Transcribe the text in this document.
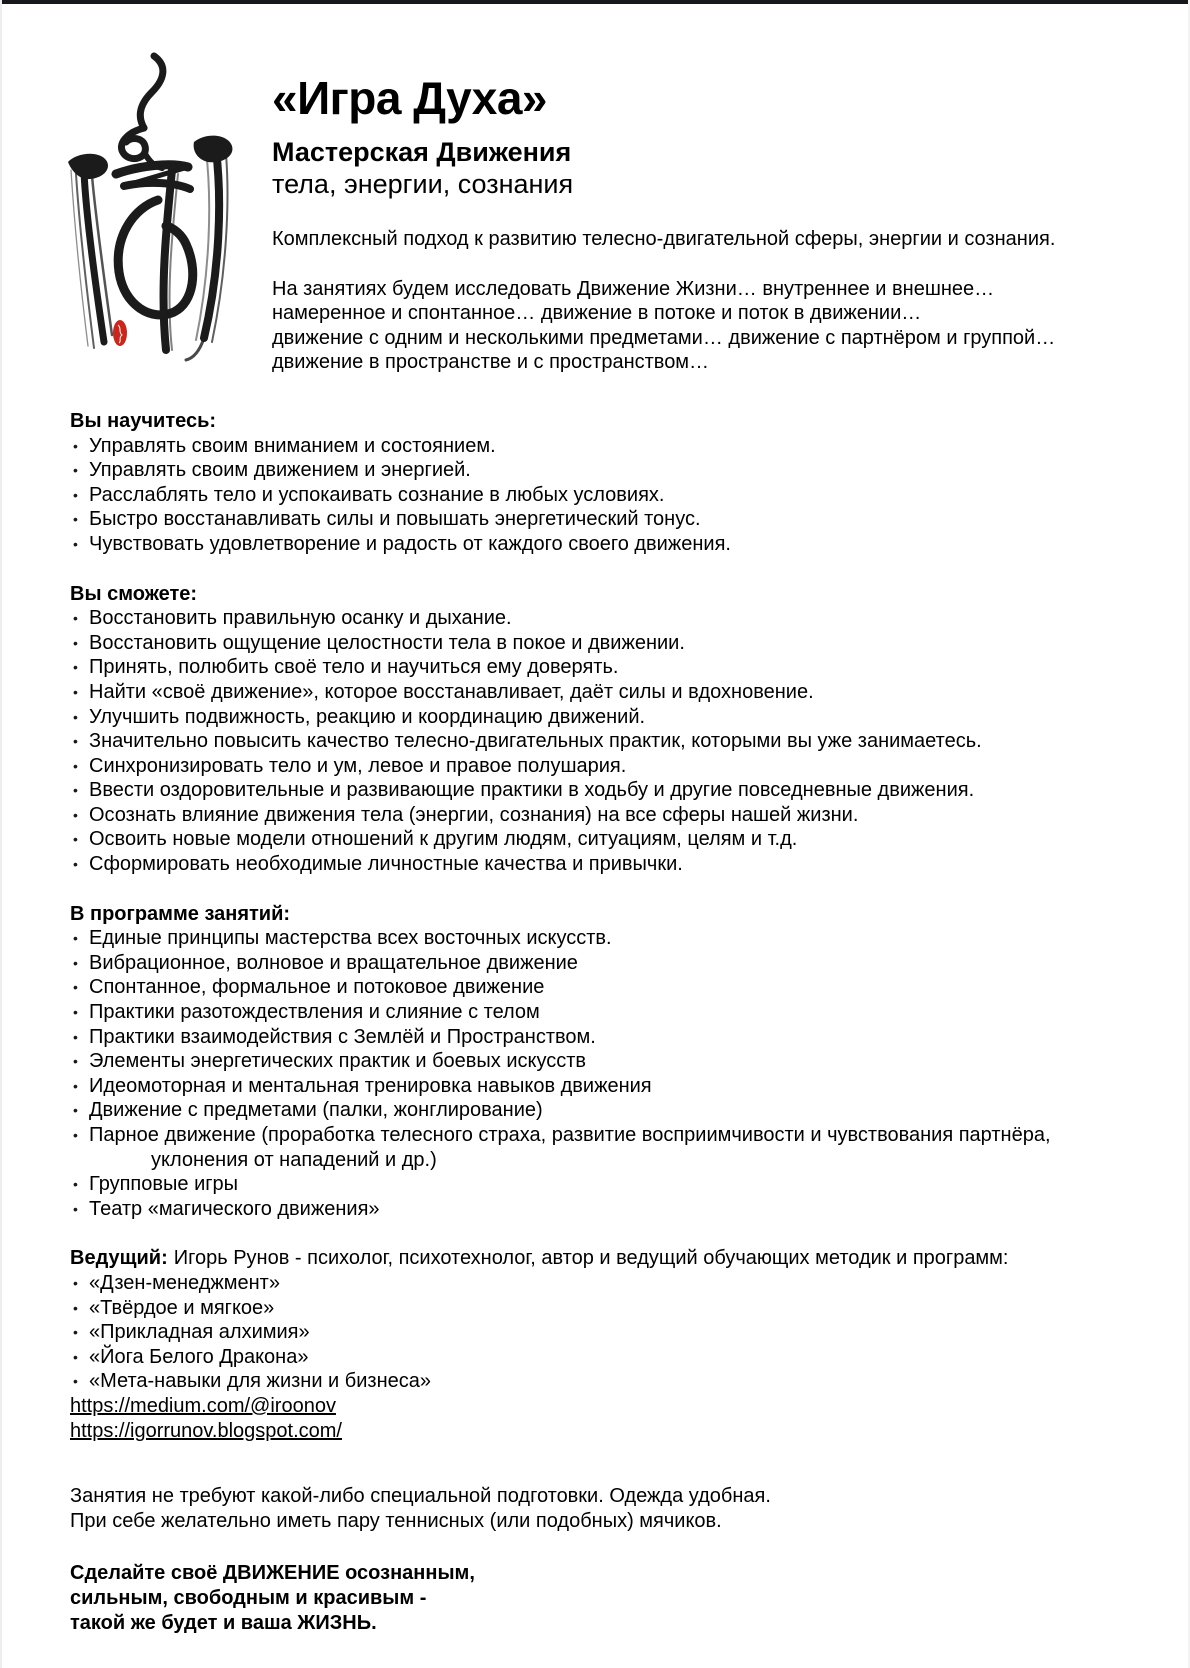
«Игра Духа»
Мастерская Движения
тела, энергии, сознания

Комплексный подход к развитию телесно-двигательной сферы, энергии и сознания.

На занятиях будем исследовать Движение Жизни… внутреннее и внешнее…
намеренное и спонтанное… движение в потоке и поток в движении…
движение с одним и несколькими предметами… движение с партнёром и группой…
движение в пространстве и с пространством…

Вы научитесь:
• Управлять своим вниманием и состоянием.
• Управлять своим движением и энергией.
• Расслаблять тело и успокаивать сознание в любых условиях.
• Быстро восстанавливать силы и повышать энергетический тонус.
• Чувствовать удовлетворение и радость от каждого своего движения.
Вы сможете:
• Восстановить правильную осанку и дыхание.
• Восстановить ощущение целостности тела в покое и движении.
• Принять, полюбить своё тело и научиться ему доверять.
• Найти «своё движение», которое восстанавливает, даёт силы и вдохновение.
• Улучшить подвижность, реакцию и координацию движений.
• Значительно повысить качество телесно-двигательных практик, которыми вы уже занимаетесь.
• Синхронизировать тело и ум, левое и правое полушария.
• Ввести оздоровительные и развивающие практики в ходьбу и другие повседневные движения.
• Осознать влияние движения тела (энергии, сознания) на все сферы нашей жизни.
• Освоить новые модели отношений к другим людям, ситуациям, целям и т.д.
• Сформировать необходимые личностные качества и привычки.
В программе занятий:
• Единые принципы мастерства всех восточных искусств.
• Вибрационное, волновое и вращательное движение
• Спонтанное, формальное и потоковое движение
• Практики разотождествления и слияние с телом
• Практики взаимодействия с Землёй и Пространством.
• Элементы энергетических практик и боевых искусств
• Идеомоторная и ментальная тренировка навыков движения
• Движение с предметами (палки, жонглирование)
• Парное движение (проработка телесного страха, развитие восприимчивости и чувствования партнёра,
уклонения от нападений и др.)
• Групповые игры
• Театр «магического движения»

Ведущий: Игорь Рунов - психолог, психотехнолог, автор и ведущий обучающих методик и программ:

• «Дзен-менеджмент»
• «Твёрдое и мягкое»
• «Прикладная алхимия»
• «Йога Белого Дракона»
• «Мета-навыки для жизни и бизнеса»
https://medium.com/@iroonov
https://igorrunov.blogspot.com/

Занятия не требуют какой-либо специальной подготовки. Одежда удобная.
При себе желательно иметь пару теннисных (или подобных) мячиков.

Сделайте своё ДВИЖЕНИЕ осознанным,
сильным, свободным и красивым -
такой же будет и ваша ЖИЗНЬ.
